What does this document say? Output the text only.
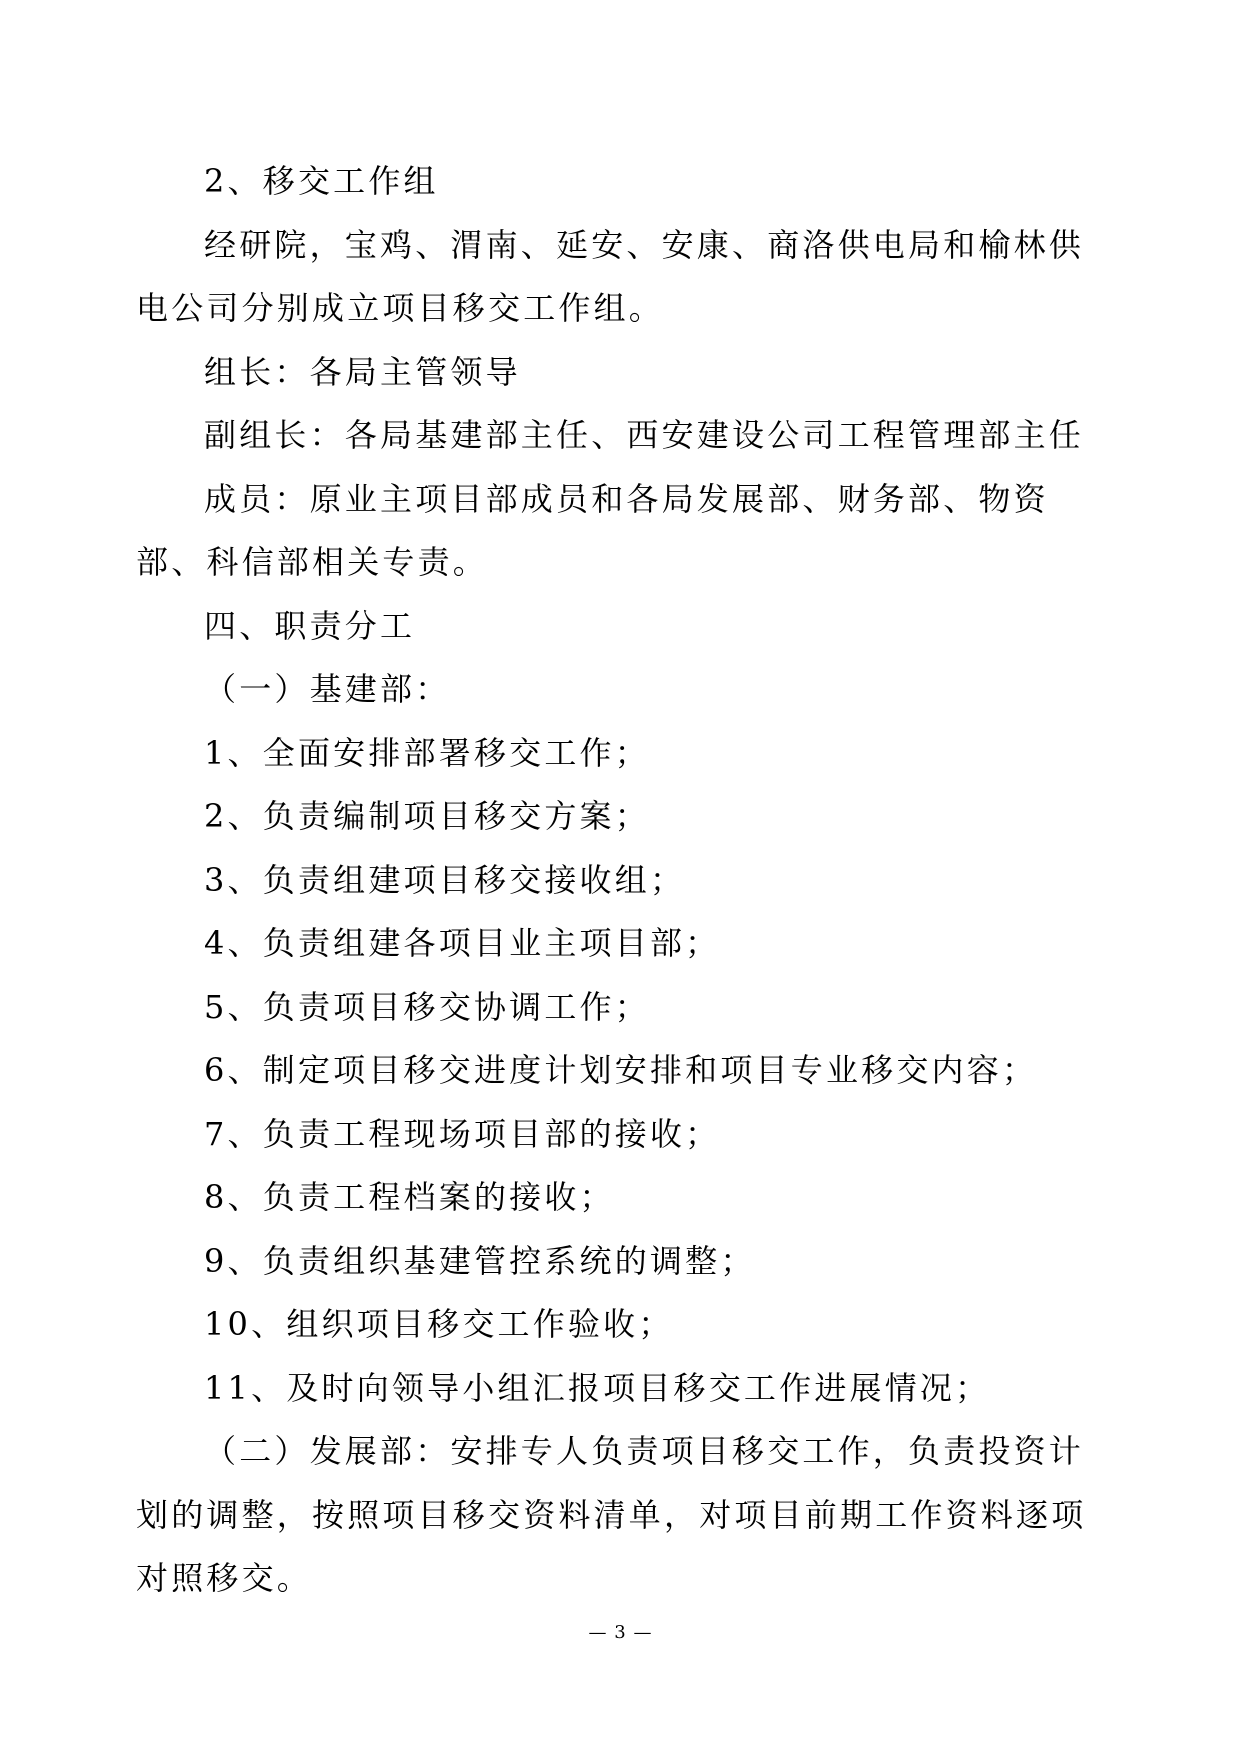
2、移交工作组

经研院，宝鸡、渭南、延安、安康、商洛供电局和榆林供电公司分别成立项目移交工作组。

组长：各局主管领导

副组长：各局基建部主任、西安建设公司工程管理部主任

成员：原业主项目部成员和各局发展部、财务部、物资部、科信部相关专责。

四、职责分工

（一）基建部：

1、全面安排部署移交工作；

2、负责编制项目移交方案；

3、负责组建项目移交接收组；

4、负责组建各项目业主项目部；

5、负责项目移交协调工作；

6、制定项目移交进度计划安排和项目专业移交内容；

7、负责工程现场项目部的接收；

8、负责工程档案的接收；

9、负责组织基建管控系统的调整；

10、组织项目移交工作验收；

11、及时向领导小组汇报项目移交工作进展情况；

（二）发展部：安排专人负责项目移交工作，负责投资计划的调整，按照项目移交资料清单，对项目前期工作资料逐项对照移交。

— 3 —
